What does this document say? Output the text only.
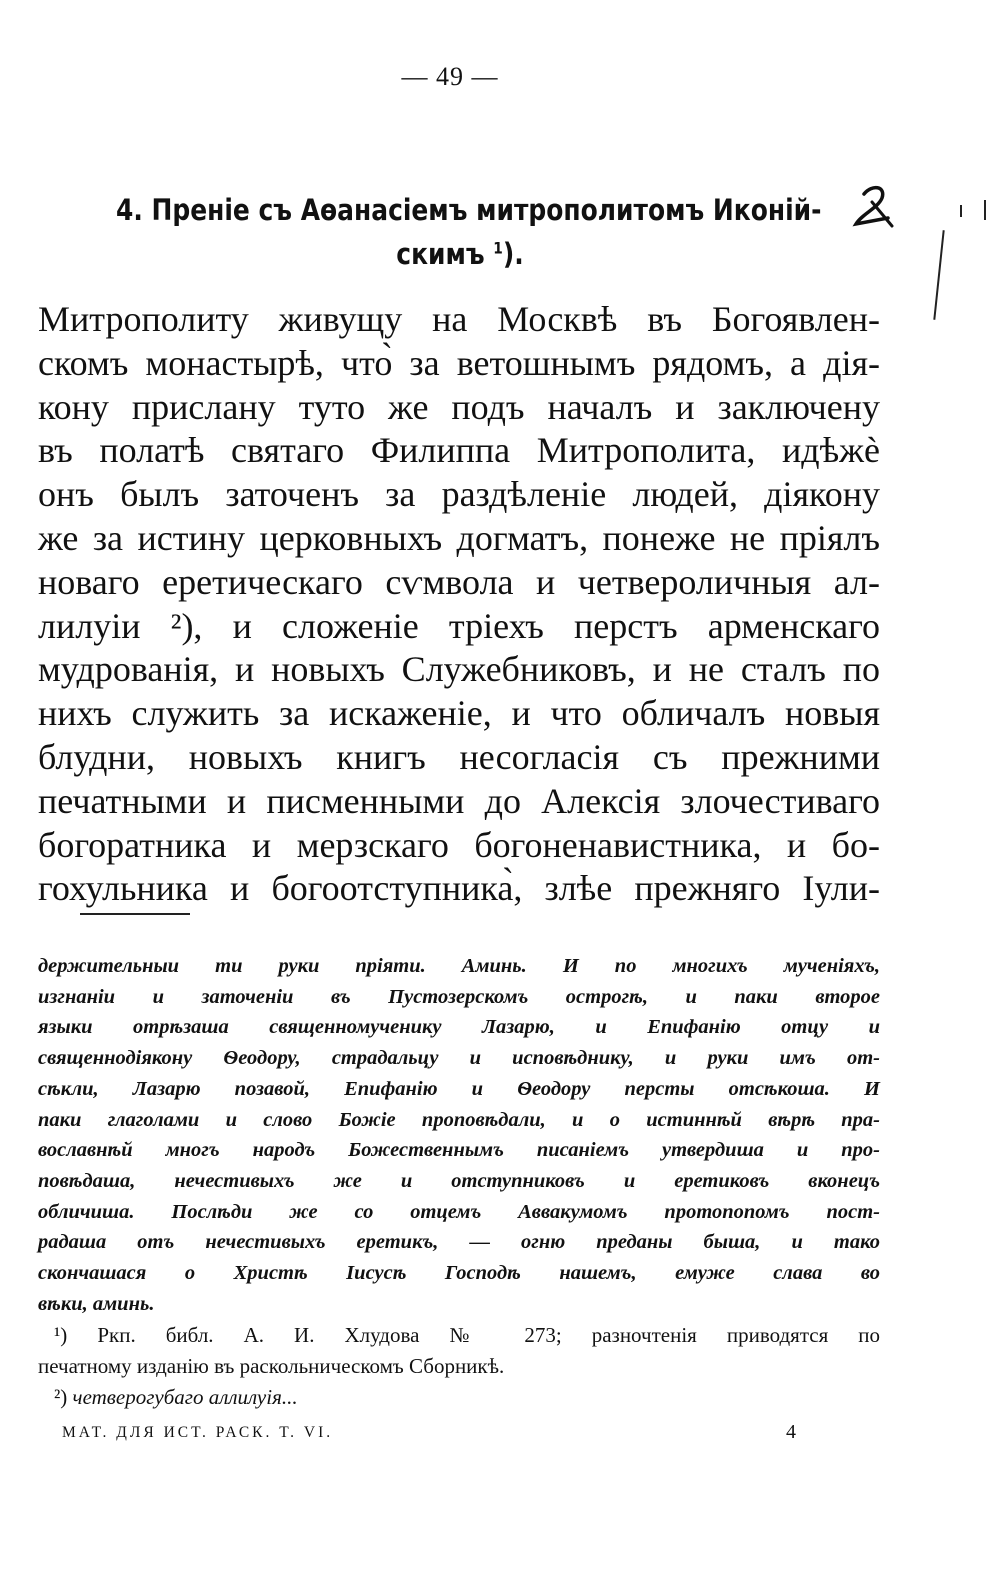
— 49 —
4. Преніе съ Аѳанасіемъ митрополитомъ Иконій-
скимъ $^1$).
Митрополиту живущу на Москвѣ въ Богоявлен-
скомъ монастырѣ, что̀ за ветошнымъ рядомъ, а дія-
кону прислану туто же подъ началъ и заключену
въ полатѣ святаго Филиппа Митрополита, идѣжѐ
онъ былъ заточенъ за раздѣленіе людей, діякону
же за истину церковныхъ догматъ, понеже не пріялъ
новаго еретическаго сѵмвола и четвероличныя ал-
лилуіи ²), и сложеніе тріехъ перстъ арменскаго
мудрованія, и новыхъ Служебниковъ, и не сталъ по
нихъ служить за искаженіе, и что обличалъ новыя
блудни, новыхъ книгъ несогласія съ прежними
печатными и писменными до Алексія злочестиваго
богоратника и мерзскаго богоненавистника, и бо-
гохульника и богоотступника̀, злѣе прежняго Іули-
держительныи ти руки пріяти. Аминь. И по многихъ мученіяхъ,
изгнаніи и заточеніи въ Пустозерскомъ острогѣ, и паки второе
языки отрѣзаша священномученику Лазарю, и Епифанію отцу и
священнодіякону Ѳеодору, страдальцу и исповѣднику, и руки имъ от-
сѣкли, Лазарю позавой, Епифанію и Ѳеодору персты отсѣкоша. И
паки глаголами и слово Божіе проповѣдали, и о истиннѣй вѣрѣ пра-
вославнѣй многъ народъ Божественнымъ писаніемъ утвердиша и про-
повѣдаша, нечестивыхъ же и отступниковъ и еретиковъ вконецъ
обличиша. Послѣди же со отцемъ Аввакумомъ протопопомъ пост-
радаша отъ нечестивыхъ еретикъ, — огню преданы быша, и тако
скончашася о Христѣ Іисусѣ Господѣ нашемъ, емуже слава во
вѣки, аминь.
¹) Ркп. библ. А. И. Хлудова № 273; разночтенія приводятся по
печатному изданію въ раскольническомъ Сборникѣ.
²) четверогубаго аллилуія...
МАТ. ДЛЯ ИСТ. РАСК. Т. VI.	4
